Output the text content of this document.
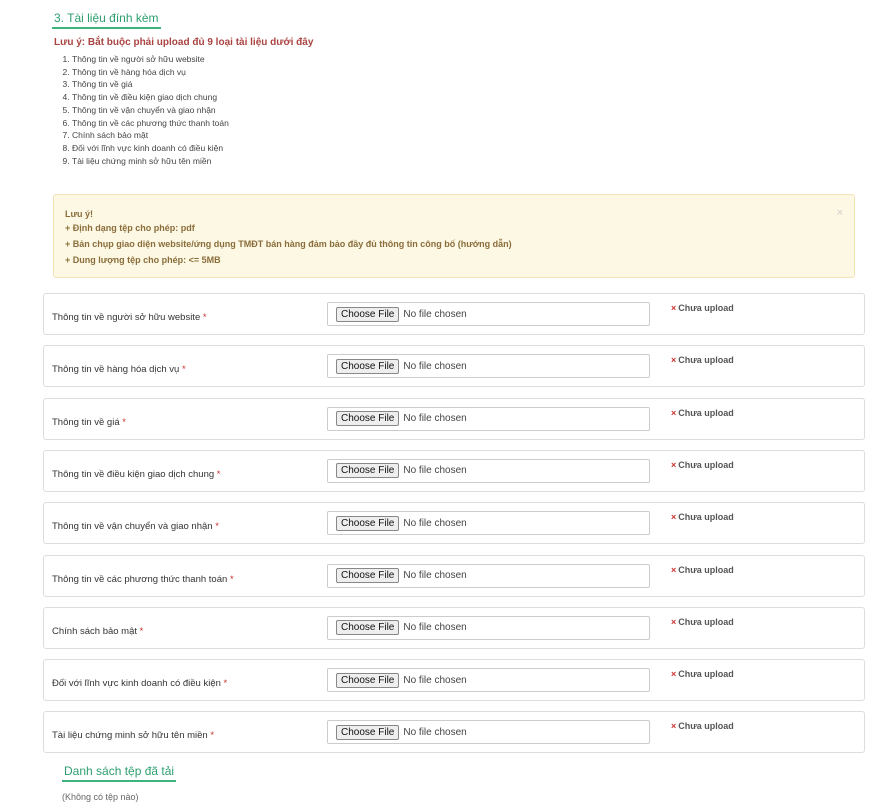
3. Tài liệu đính kèm
Lưu ý: Bắt buộc phải upload đủ 9 loại tài liệu dưới đây
1. Thông tin về người sở hữu website
2. Thông tin về hàng hóa dịch vụ
3. Thông tin về giá
4. Thông tin về điều kiện giao dịch chung
5. Thông tin về vận chuyển và giao nhận
6. Thông tin về các phương thức thanh toán
7. Chính sách bảo mật
8. Đối với lĩnh vực kinh doanh có điều kiện
9. Tài liệu chứng minh sở hữu tên miền
Lưu ý!
+ Định dạng tệp cho phép: pdf
+ Bản chụp giao diện website/ứng dụng TMĐT bán hàng đảm bảo đầy đủ thông tin công bố (hướng dẫn)
+ Dung lượng tệp cho phép: <= 5MB
×
Thông tin về người sở hữu website *	Choose File No file chosen
× Chưa upload
Thông tin về hàng hóa dịch vụ *	Choose File No file chosen
× Chưa upload
Thông tin về giá *	Choose File No file chosen
× Chưa upload
Thông tin về điều kiện giao dịch chung *	Choose File No file chosen
× Chưa upload
Thông tin về vận chuyển và giao nhận *	Choose File No file chosen
× Chưa upload
Thông tin về các phương thức thanh toán *	Choose File No file chosen
× Chưa upload
Chính sách bảo mật *	Choose File No file chosen
× Chưa upload
Đối với lĩnh vực kinh doanh có điều kiện *	Choose File No file chosen
× Chưa upload
Tài liệu chứng minh sở hữu tên miền *	Choose File No file chosen
× Chưa upload
Danh sách tệp đã tải
(Không có tệp nào)
